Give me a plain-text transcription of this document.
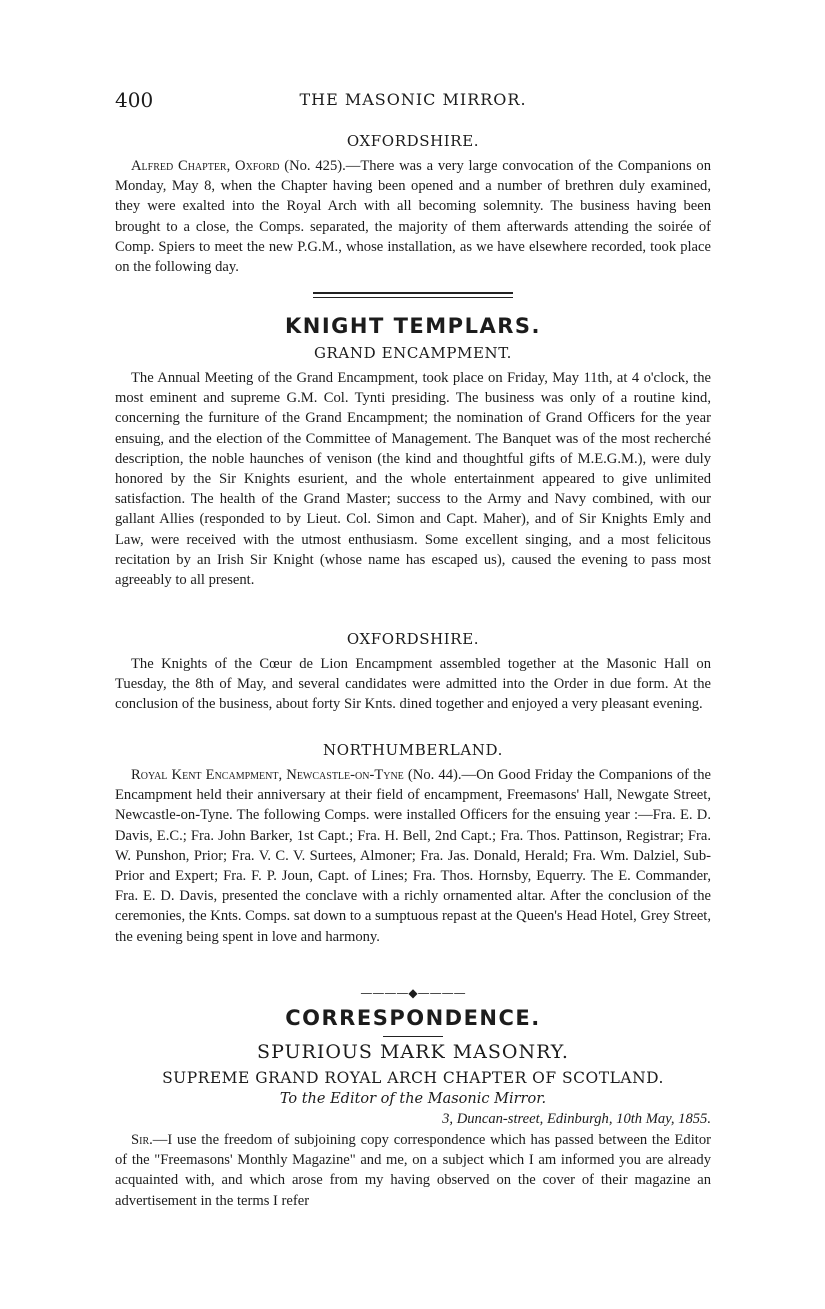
400	THE MASONIC MIRROR.

OXFORDSHIRE.

Alfred Chapter, Oxford (No. 425).—There was a very large convocation of the Companions on Monday, May 8, when the Chapter having been opened and a number of brethren duly examined, they were exalted into the Royal Arch with all becoming solemnity. The business having been brought to a close, the Comps. separated, the majority of them afterwards attending the soirée of Comp. Spiers to meet the new P.G.M., whose installation, as we have elsewhere recorded, took place on the following day.

KNIGHT TEMPLARS.

GRAND ENCAMPMENT.

The Annual Meeting of the Grand Encampment, took place on Friday, May 11th, at 4 o'clock, the most eminent and supreme G.M. Col. Tynti presiding. The business was only of a routine kind, concerning the furniture of the Grand Encampment; the nomination of Grand Officers for the year ensuing, and the election of the Committee of Management. The Banquet was of the most recherché description, the noble haunches of venison (the kind and thoughtful gifts of M.E.G.M.), were duly honored by the Sir Knights esurient, and the whole entertainment appeared to give unlimited satisfaction. The health of the Grand Master; success to the Army and Navy combined, with our gallant Allies (responded to by Lieut. Col. Simon and Capt. Maher), and of Sir Knights Emly and Law, were received with the utmost enthusiasm. Some excellent singing, and a most felicitous recitation by an Irish Sir Knight (whose name has escaped us), caused the evening to pass most agreeably to all present.

OXFORDSHIRE.

The Knights of the Cœur de Lion Encampment assembled together at the Masonic Hall on Tuesday, the 8th of May, and several candidates were admitted into the Order in due form. At the conclusion of the business, about forty Sir Knts. dined together and enjoyed a very pleasant evening.

NORTHUMBERLAND.

Royal Kent Encampment, Newcastle-on-Tyne (No. 44).—On Good Friday the Companions of the Encampment held their anniversary at their field of encampment, Freemasons' Hall, Newgate Street, Newcastle-on-Tyne. The following Comps. were installed Officers for the ensuing year :—Fra. E. D. Davis, E.C.; Fra. John Barker, 1st Capt.; Fra. H. Bell, 2nd Capt.; Fra. Thos. Pattinson, Registrar; Fra. W. Punshon, Prior; Fra. V. C. V. Surtees, Almoner; Fra. Jas. Donald, Herald; Fra. Wm. Dalziel, Sub-Prior and Expert; Fra. F. P. Joun, Capt. of Lines; Fra. Thos. Hornsby, Equerry. The E. Commander, Fra. E. D. Davis, presented the conclave with a richly ornamented altar. After the conclusion of the ceremonies, the Knts. Comps. sat down to a sumptuous repast at the Queen's Head Hotel, Grey Street, the evening being spent in love and harmony.

————◆————

CORRESPONDENCE.

SPURIOUS MARK MASONRY.

SUPREME GRAND ROYAL ARCH CHAPTER OF SCOTLAND.

To the Editor of the Masonic Mirror.

3, Duncan-street, Edinburgh, 10th May, 1855.

Sir.—I use the freedom of subjoining copy correspondence which has passed between the Editor of the "Freemasons' Monthly Magazine" and me, on a subject which I am informed you are already acquainted with, and which arose from my having observed on the cover of their magazine an advertisement in the terms I refer
